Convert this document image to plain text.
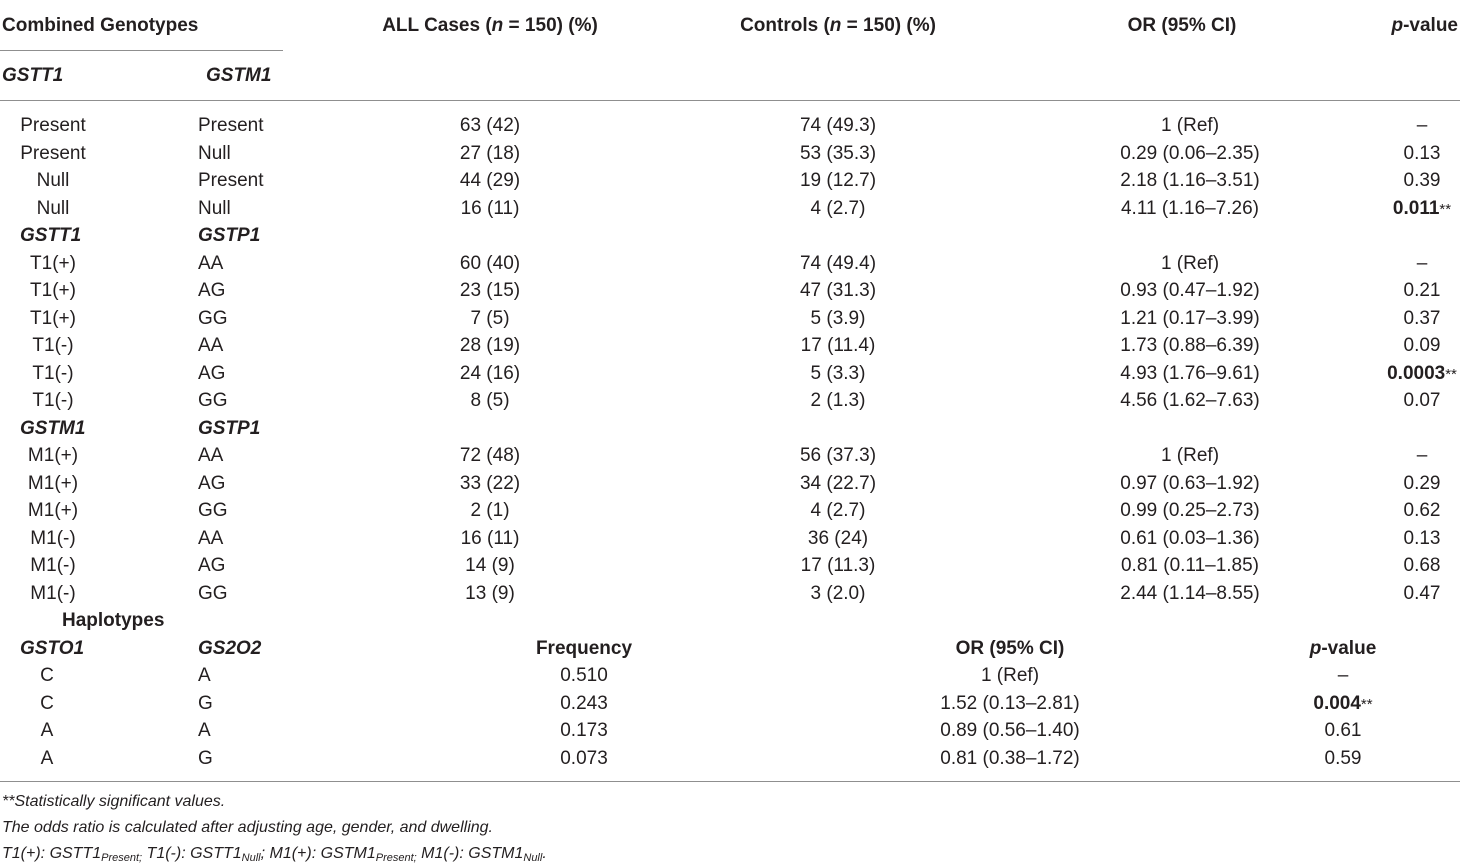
Combined Genotypes	ALL Cases (n = 150) (%)	Controls (n = 150) (%)	OR (95% CI)	p-value
GSTT1	GSTM1
Present	Present	63 (42)	74 (49.3)	1 (Ref)	–
Present	Null	27 (18)	53 (35.3)	0.29 (0.06–2.35)	0.13
Null	Present	44 (29)	19 (12.7)	2.18 (1.16–3.51)	0.39
Null	Null	16 (11)	4 (2.7)	4.11 (1.16–7.26)	0.011**
GSTT1	GSTP1
T1(+)	AA	60 (40)	74 (49.4)	1 (Ref)	–
T1(+)	AG	23 (15)	47 (31.3)	0.93 (0.47–1.92)	0.21
T1(+)	GG	7 (5)	5 (3.9)	1.21 (0.17–3.99)	0.37
T1(-)	AA	28 (19)	17 (11.4)	1.73 (0.88–6.39)	0.09
T1(-)	AG	24 (16)	5 (3.3)	4.93 (1.76–9.61)	0.0003**
T1(-)	GG	8 (5)	2 (1.3)	4.56 (1.62–7.63)	0.07
GSTM1	GSTP1
M1(+)	AA	72 (48)	56 (37.3)	1 (Ref)	–
M1(+)	AG	33 (22)	34 (22.7)	0.97 (0.63–1.92)	0.29
M1(+)	GG	2 (1)	4 (2.7)	0.99 (0.25–2.73)	0.62
M1(-)	AA	16 (11)	36 (24)	0.61 (0.03–1.36)	0.13
M1(-)	AG	14 (9)	17 (11.3)	0.81 (0.11–1.85)	0.68
M1(-)	GG	13 (9)	3 (2.0)	2.44 (1.14–8.55)	0.47
Haplotypes
GSTO1	GS2O2	Frequency	OR (95% CI)	p-value
C	A	0.510	1 (Ref)	–
C	G	0.243	1.52 (0.13–2.81)	0.004**
A	A	0.173	0.89 (0.56–1.40)	0.61
A	G	0.073	0.81 (0.38–1.72)	0.59
**Statistically significant values.
The odds ratio is calculated after adjusting age, gender, and dwelling.
T1(+): $GSTT1_{Present;}$ T1(-): $GSTT1_{Null}$; M1(+): $GSTM1_{Present;}$ M1(-): $GSTM1_{Null}$.
